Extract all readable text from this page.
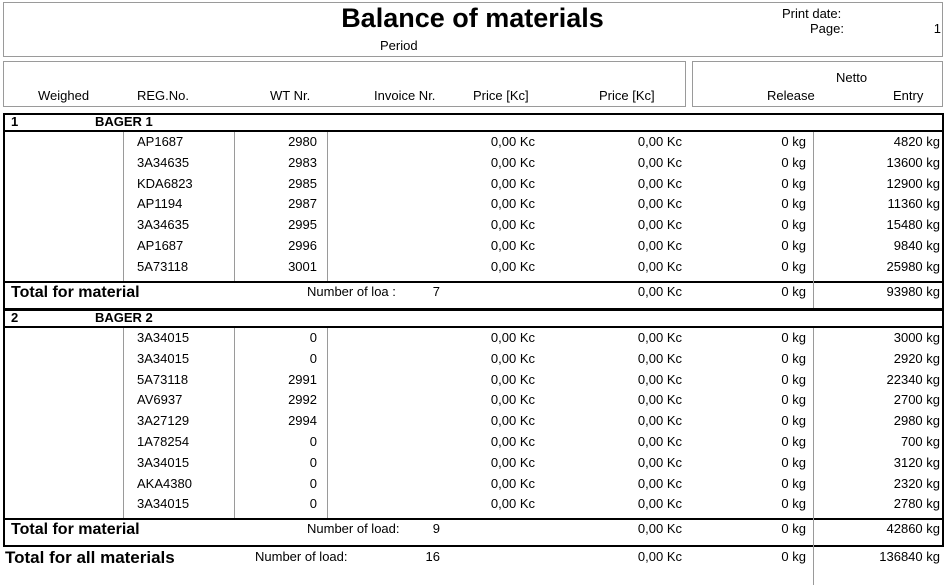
Balance of materials
Period
Print date:
Page:	1
Weighed	REG.No.	WT Nr.	Invoice Nr.	Price [Kc]	Price [Kc]
Netto
Release	Entry
1	BAGER 1
AP1687	2980	0,00 Kc	0,00 Kc	0 kg	4820 kg
3A34635	2983	0,00 Kc	0,00 Kc	0 kg	13600 kg
KDA6823	2985	0,00 Kc	0,00 Kc	0 kg	12900 kg
AP1194	2987	0,00 Kc	0,00 Kc	0 kg	11360 kg
3A34635	2995	0,00 Kc	0,00 Kc	0 kg	15480 kg
AP1687	2996	0,00 Kc	0,00 Kc	0 kg	9840 kg
5A73118	3001	0,00 Kc	0,00 Kc	0 kg	25980 kg
Total for material	Number of loa :	7	0,00 Kc	0 kg	93980 kg
2	BAGER 2
3A34015	0	0,00 Kc	0,00 Kc	0 kg	3000 kg
3A34015	0	0,00 Kc	0,00 Kc	0 kg	2920 kg
5A73118	2991	0,00 Kc	0,00 Kc	0 kg	22340 kg
AV6937	2992	0,00 Kc	0,00 Kc	0 kg	2700 kg
3A27129	2994	0,00 Kc	0,00 Kc	0 kg	2980 kg
1A78254	0	0,00 Kc	0,00 Kc	0 kg	700 kg
3A34015	0	0,00 Kc	0,00 Kc	0 kg	3120 kg
AKA4380	0	0,00 Kc	0,00 Kc	0 kg	2320 kg
3A34015	0	0,00 Kc	0,00 Kc	0 kg	2780 kg
Total for material	Number of load:	9	0,00 Kc	0 kg	42860 kg
Total for all materials	Number of load:	16	0,00 Kc	0 kg	136840 kg
